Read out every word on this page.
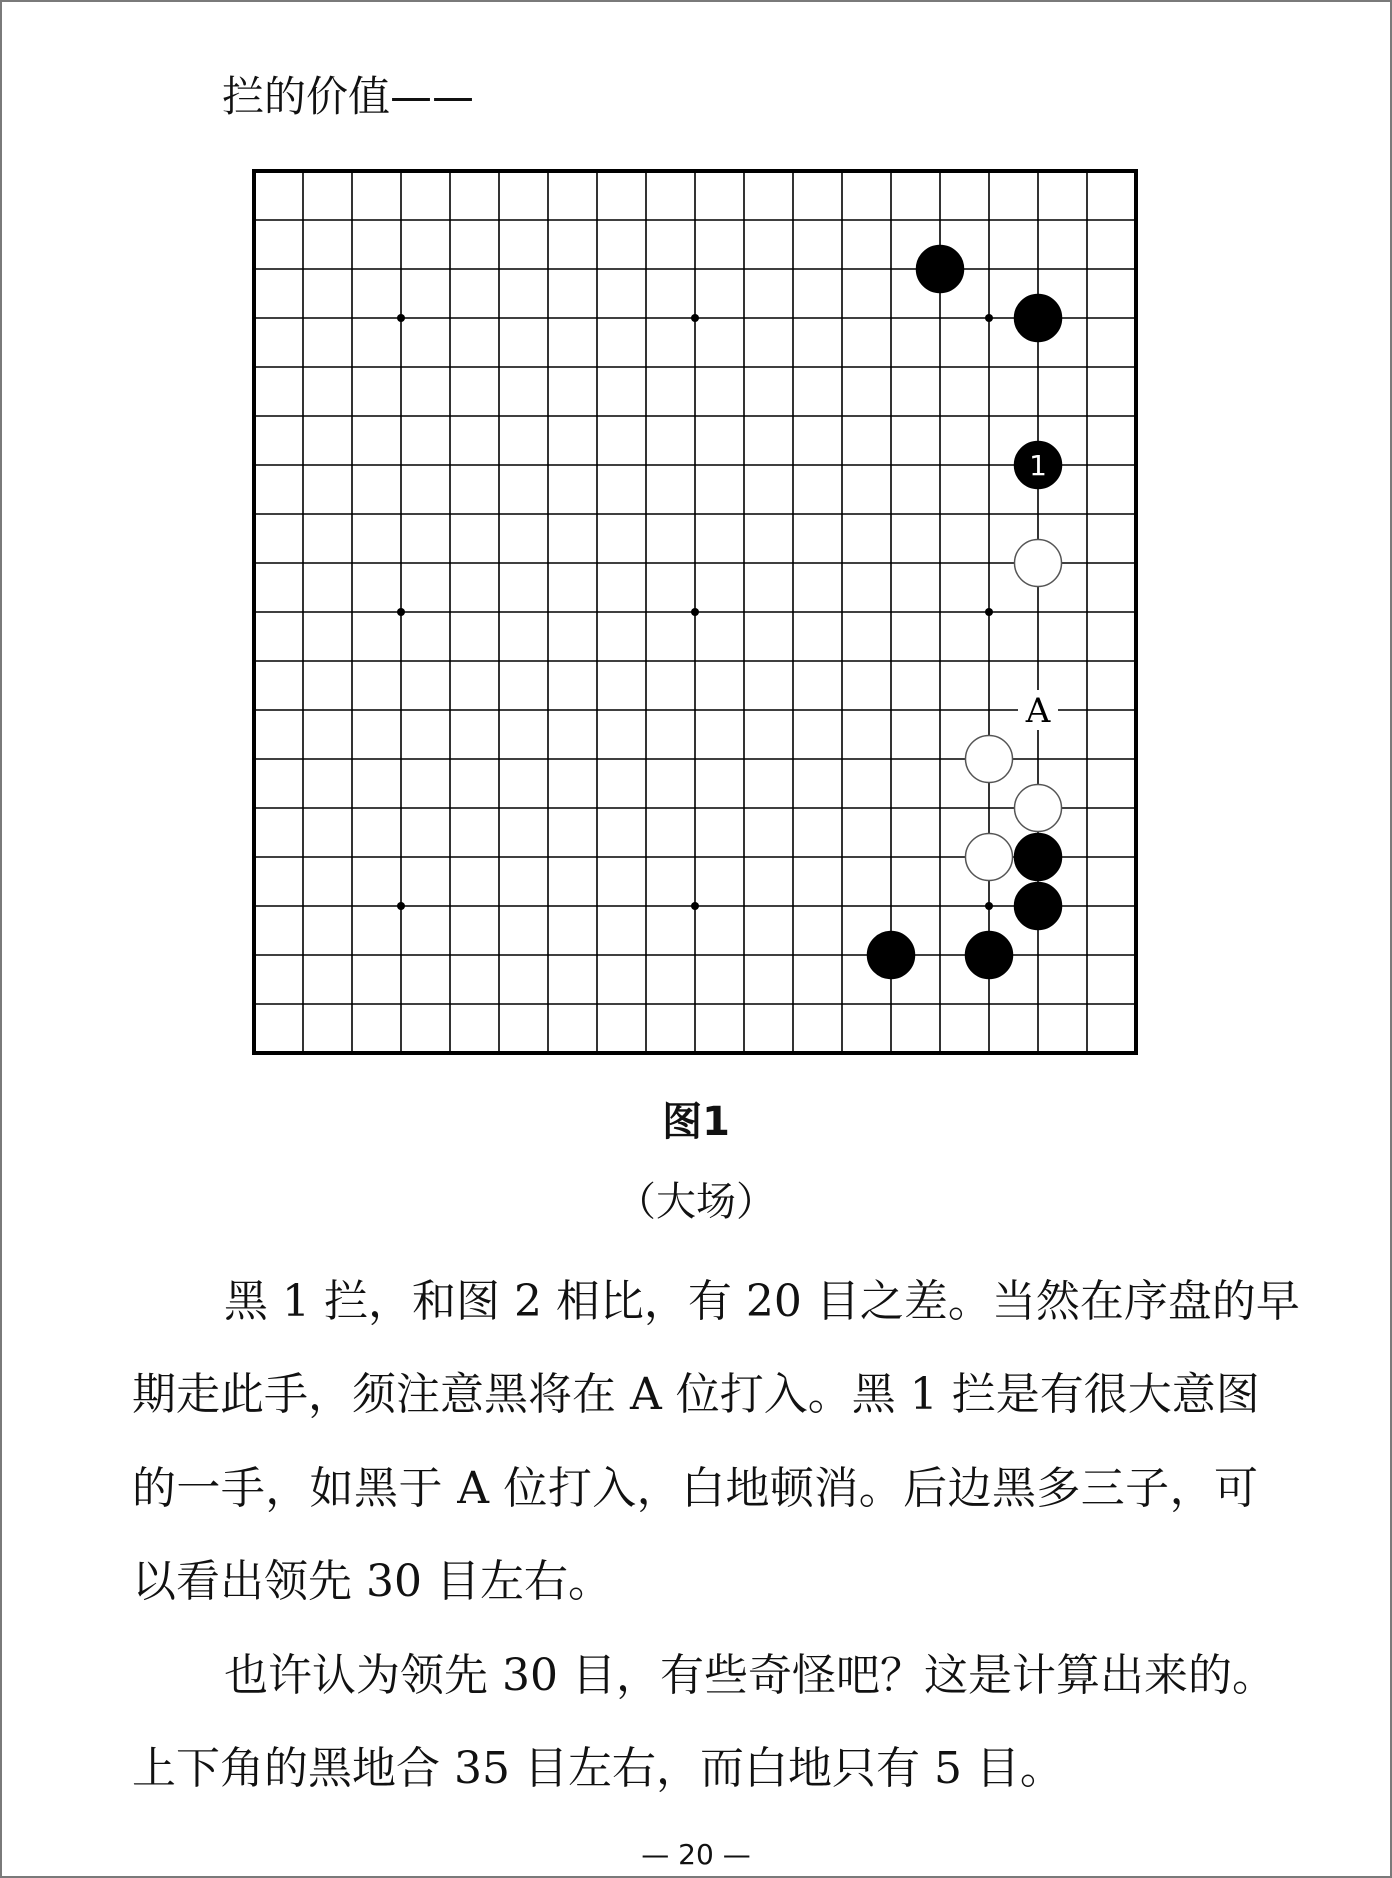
拦的价值——
A
1
图1
（大场）
黑 1 拦，和图 2 相比，有 20 目之差。当然在序盘的早
期走此手，须注意黑将在 A 位打入。黑 1 拦是有很大意图
的一手，如黑于 A 位打入，白地顿消。后边黑多三子，可
以看出领先 30 目左右。
也许认为领先 30 目，有些奇怪吧？这是计算出来的。
上下角的黑地合 35 目左右，而白地只有 5 目。
— 20 —
